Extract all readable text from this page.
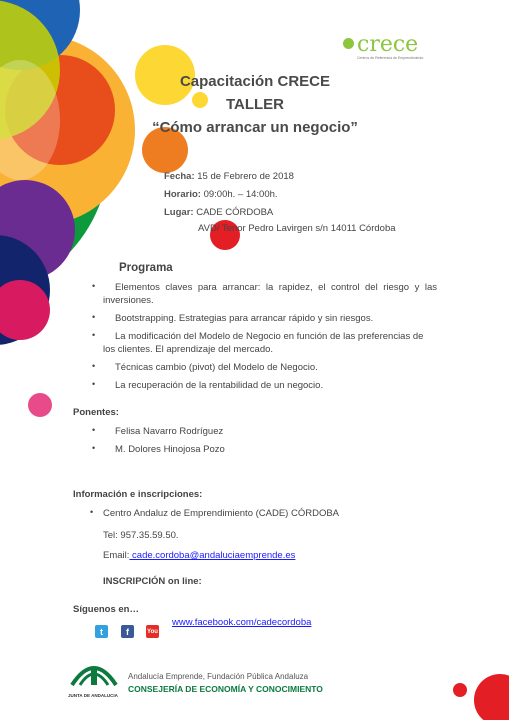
crece
Centros de Referencia de Emprendimiento
Capacitación CRECE
TALLER
“Cómo arrancar un negocio”
Fecha: 15 de Febrero de 2018
Horario: 09:00h. – 14:00h.
Lugar: CADE CÓRDOBA
AVD/ Tenor Pedro Lavirgen s/n 14011 Córdoba
Programa
•	Elementos claves para arrancar: la rapidez, el control del riesgo y las inversiones.
•	Bootstrapping. Estrategias para arrancar rápido y sin riesgos.
•	La modificación del Modelo de Negocio en función de las preferencias de los clientes. El aprendizaje del mercado.
•	Técnicas cambio (pivot) del Modelo de Negocio.
•	La recuperación de la rentabilidad de un negocio.
Ponentes:
• Felisa Navarro Rodríguez
• M. Dolores Hinojosa Pozo
Información e inscripciones:
• Centro Andaluz de Emprendimiento (CADE) CÓRDOBA
Tel: 957.35.59.50.
Email: cade.cordoba@andaluciaemprende.es
INSCRIPCIÓN on line:
Síguenos en…
t	f	You

www.facebook.com/cadecordoba
JUNTA DE ANDALUCIA
Andalucía Emprende, Fundación Pública Andaluza
CONSEJERÍA DE ECONOMÍA Y CONOCIMIENTO
